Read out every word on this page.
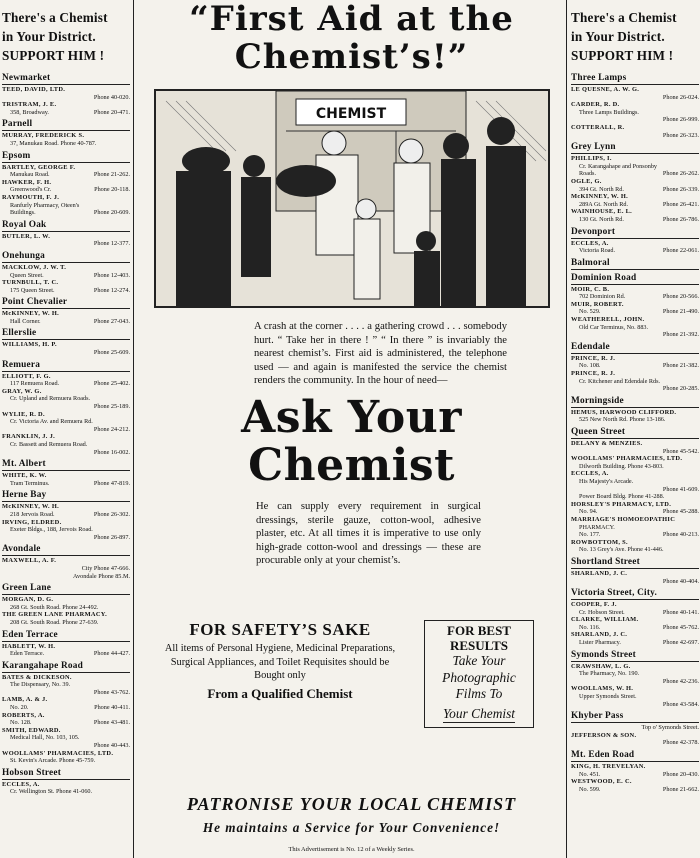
There's a Chemist
in Your District.
SUPPORT HIM !
Newmarket
TEED, DAVID, LTD.
Phone 40-020.
TRISTRAM, J. E.
358, Broadway.	Phone 20-471.
Parnell
MURRAY, FREDERICK S.
37, Manukau Road. Phone 40-787.
Epsom
BARTLEY, GEORGE F.
Manukau Road.	Phone 21-262.
HAWKER, F. H.
Greenwood's Cr.	Phone 20-118.
RAYMOUTH, F. J.
Ranfurly Pharmacy, Oteen's
Buildings.	Phone 20-609.
Royal Oak
BUTLER, L. W.
Phone 12-377.
Onehunga
MACKLOW, J. W. T.
Queen Street.	Phone 12-403.
TURNBULL, T. C.
175 Queen Street.	Phone 12-274.
Point Chevalier
McKINNEY, W. H.
Hall Corner.	Phone 27-043.
Ellerslie
WILLIAMS, H. P.
Phone 25-609.
Remuera
ELLIOTT, F. G.
117 Remuera Road.	Phone 25-402.
GRAY, W. G.
Cr. Upland and Remuera Roads.
Phone 25-189.
WYLIE, R. D.
Cr. Victoria Av. and Remuera Rd.
Phone 24-212.
FRANKLIN, J. J.
Cr. Bassett and Remuera Road.
Phone 16-002.
Mt. Albert
WHITE, K. W.
Tram Terminus.	Phone 47-819.
Herne Bay
McKINNEY, W. H.
218 Jervois Road.	Phone 26-302.
IRVING, ELDRED.
Exeter Bldgs., 188, Jervois Road.
Phone 26-897.
Avondale
MAXWELL, A. F.
City Phone 47-666.
Avondale Phone 85.M.
Green Lane
MORGAN, D. G.
268 Gt. South Road. Phone 24-492.
THE GREEN LANE PHARMACY.
208 Gt. South Road. Phone 27-639.
Eden Terrace
HABLETT, W. H.
Eden Terrace.	Phone 44-427.
Karangahape Road
BATES & DICKESON.
The Dispensary, No. 39.
Phone 43-762.
LAMB, A. & J.
No. 20.	Phone 40-411.
ROBERTS, A.
No. 128.	Phone 43-481.
SMITH, EDWARD.
Medical Hall, No. 103, 105.
Phone 40-443.
WOOLLAMS' PHARMACIES, LTD.
St. Kevin's Arcade. Phone 45-759.
Hobson Street
ECCLES, A.
Cr. Wellington St. Phone 41-060.
There's a Chemist
in Your District.
SUPPORT HIM !
Three Lamps
LE QUESNE, A. W. G.
Phone 26-024.
CARDER, R. D.
Three Lamps Buildings.
Phone 26-999.
COTTERALL, R.
Phone 26-323.
Grey Lynn
PHILLIPS, I.
Cr. Karangahape and Ponsonby
Roads.	Phone 26-262.
OGLE, G.
394 Gt. North Rd.	Phone 26-339.
McKINNEY, W. H.
289A Gt. North Rd.	Phone 26-421.
WAINHOUSE, E. L.
130 Gt. North Rd.	Phone 26-786.
Devonport
ECCLES, A.
Victoria Road.	Phone 22-061.
Balmoral
Dominion Road
MOIR, C. B.
702 Dominion Rd.	Phone 20-566.
MUIR, ROBERT.
No. 529.	Phone 21-490.
WEATHERELL, JOHN.
Old Car Terminus, No. 883.
Phone 21-392.
Edendale
PRINCE, R. J.
No. 108.	Phone 21-382.
PRINCE, R. J.
Cr. Kitchener and Edendale Rds.
Phone 20-285.
Morningside
HEMUS, HARWOOD CLIFFORD.
525 New North Rd. Phone 13-186.
Queen Street
DELANY & MENZIES.
Phone 45-542.
WOOLLAMS' PHARMACIES, LTD.
Dilworth Building. Phone 43-803.
ECCLES, A.
His Majesty's Arcade.
Phone 41-609.
Power Board Bldg. Phone 41-288.
HORSLEY'S PHARMACY, LTD.
No. 94.	Phone 45-288.
MARRIAGE'S HOMOEOPATHIC
PHARMACY.
No. 177.	Phone 40-213.
ROWBOTTOM, S.
No. 13 Grey's Ave. Phone 41-446.
Shortland Street
SHARLAND, J. C.
Phone 40-404.
Victoria Street, City.
COOPER, F. J.
Cr. Hobson Street.	Phone 40-141.
CLARKE, WILLIAM.
No. 116.	Phone 45-762.
SHARLAND, J. C.
Lister Pharmacy.	Phone 42-697.
Symonds Street
CRAWSHAW, L. G.
The Pharmacy, No. 190.
Phone 42-236.
WOOLLAMS, W. H.
Upper Symonds Street.
Phone 43-584.
Khyber Pass
Top o' Symonds Street.
JEFFERSON & SON.
Phone 42-378.
Mt. Eden Road
KING, H. TREVELYAN.
No. 451.	Phone 20-430.
WESTWOOD, E. C.
No. 599.	Phone 21-662.
“First Aid at the
Chemist’s!”
CHEMIST
A crash at the corner . . . . a gathering crowd . . . somebody hurt. “ Take her in there ! ” “ In there ” is invariably the nearest chemist’s. First aid is administered, the telephone used — and again is manifested the service the chemist renders the community. In the hour of need—
Ask Your
Chemist
He can supply every requirement in surgical dressings, sterile gauze, cotton-wool, adhesive plaster, etc. At all times it is imperative to use only high-grade cotton-wool and dressings — these are procurable only at your chemist’s.
FOR SAFETY’S SAKE
All items of Personal Hygiene, Medicinal Preparations, Surgical Appliances, and Toilet Requisites should be Bought only
From a Qualified Chemist
FOR BEST
RESULTS
Take Your
Photographic
Films To
Your Chemist
PATRONISE YOUR LOCAL CHEMIST
He maintains a Service for Your Convenience!
This Advertisement is No. 12 of a Weekly Series.
